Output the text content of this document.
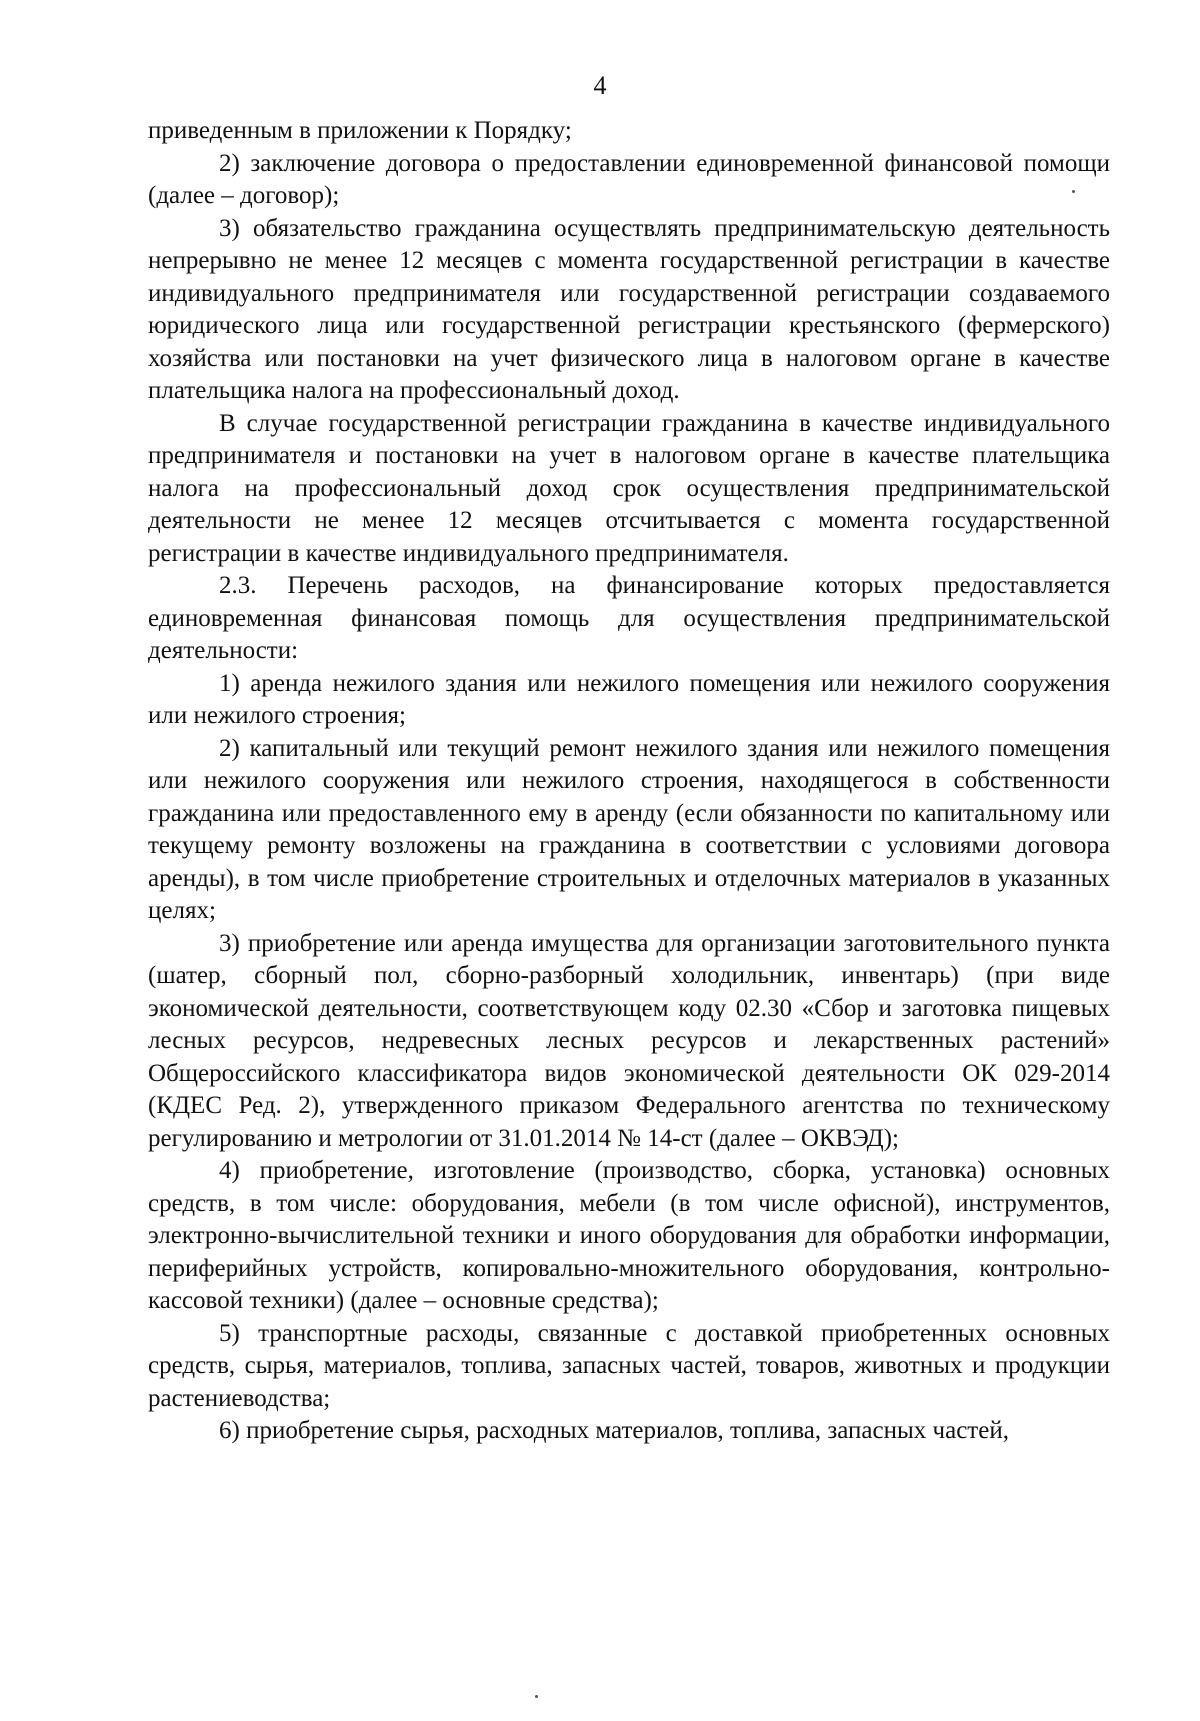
4

приведенным в приложении к Порядку;

2) заключение договора о предоставлении единовременной финансовой помощи (далее – договор);

3) обязательство гражданина осуществлять предпринимательскую деятельность непрерывно не менее 12 месяцев с момента государственной регистрации в качестве индивидуального предпринимателя или государственной регистрации создаваемого юридического лица или государственной регистрации крестьянского (фермерского) хозяйства или постановки на учет физического лица в налоговом органе в качестве плательщика налога на профессиональный доход.

В случае государственной регистрации гражданина в качестве индивидуального предпринимателя и постановки на учет в налоговом органе в качестве плательщика налога на профессиональный доход срок осуществления предпринимательской деятельности не менее 12 месяцев отсчитывается с момента государственной регистрации в качестве индивидуального предпринимателя.

2.3. Перечень расходов, на финансирование которых предоставляется единовременная финансовая помощь для осуществления предпринимательской деятельности:

1) аренда нежилого здания или нежилого помещения или нежилого сооружения или нежилого строения;

2) капитальный или текущий ремонт нежилого здания или нежилого помещения или нежилого сооружения или нежилого строения, находящегося в собственности гражданина или предоставленного ему в аренду (если обязанности по капитальному или текущему ремонту возложены на гражданина в соответствии с условиями договора аренды), в том числе приобретение строительных и отделочных материалов в указанных целях;

3) приобретение или аренда имущества для организации заготовительного пункта (шатер, сборный пол, сборно-разборный холодильник, инвентарь) (при виде экономической деятельности, соответствующем коду 02.30 «Сбор и заготовка пищевых лесных ресурсов, недревесных лесных ресурсов и лекарственных растений» Общероссийского классификатора видов экономической деятельности ОК 029-2014 (КДЕС Ред. 2), утвержденного приказом Федерального агентства по техническому регулированию и метрологии от 31.01.2014 № 14-ст (далее – ОКВЭД);

4) приобретение, изготовление (производство, сборка, установка) основных средств, в том числе: оборудования, мебели (в том числе офисной), инструментов, электронно-вычислительной техники и иного оборудования для обработки информации, периферийных устройств, копировально-множительного оборудования, контрольно-кассовой техники) (далее – основные средства);

5) транспортные расходы, связанные с доставкой приобретенных основных средств, сырья, материалов, топлива, запасных частей, товаров, животных и продукции растениеводства;

6) приобретение сырья, расходных материалов, топлива, запасных частей,
